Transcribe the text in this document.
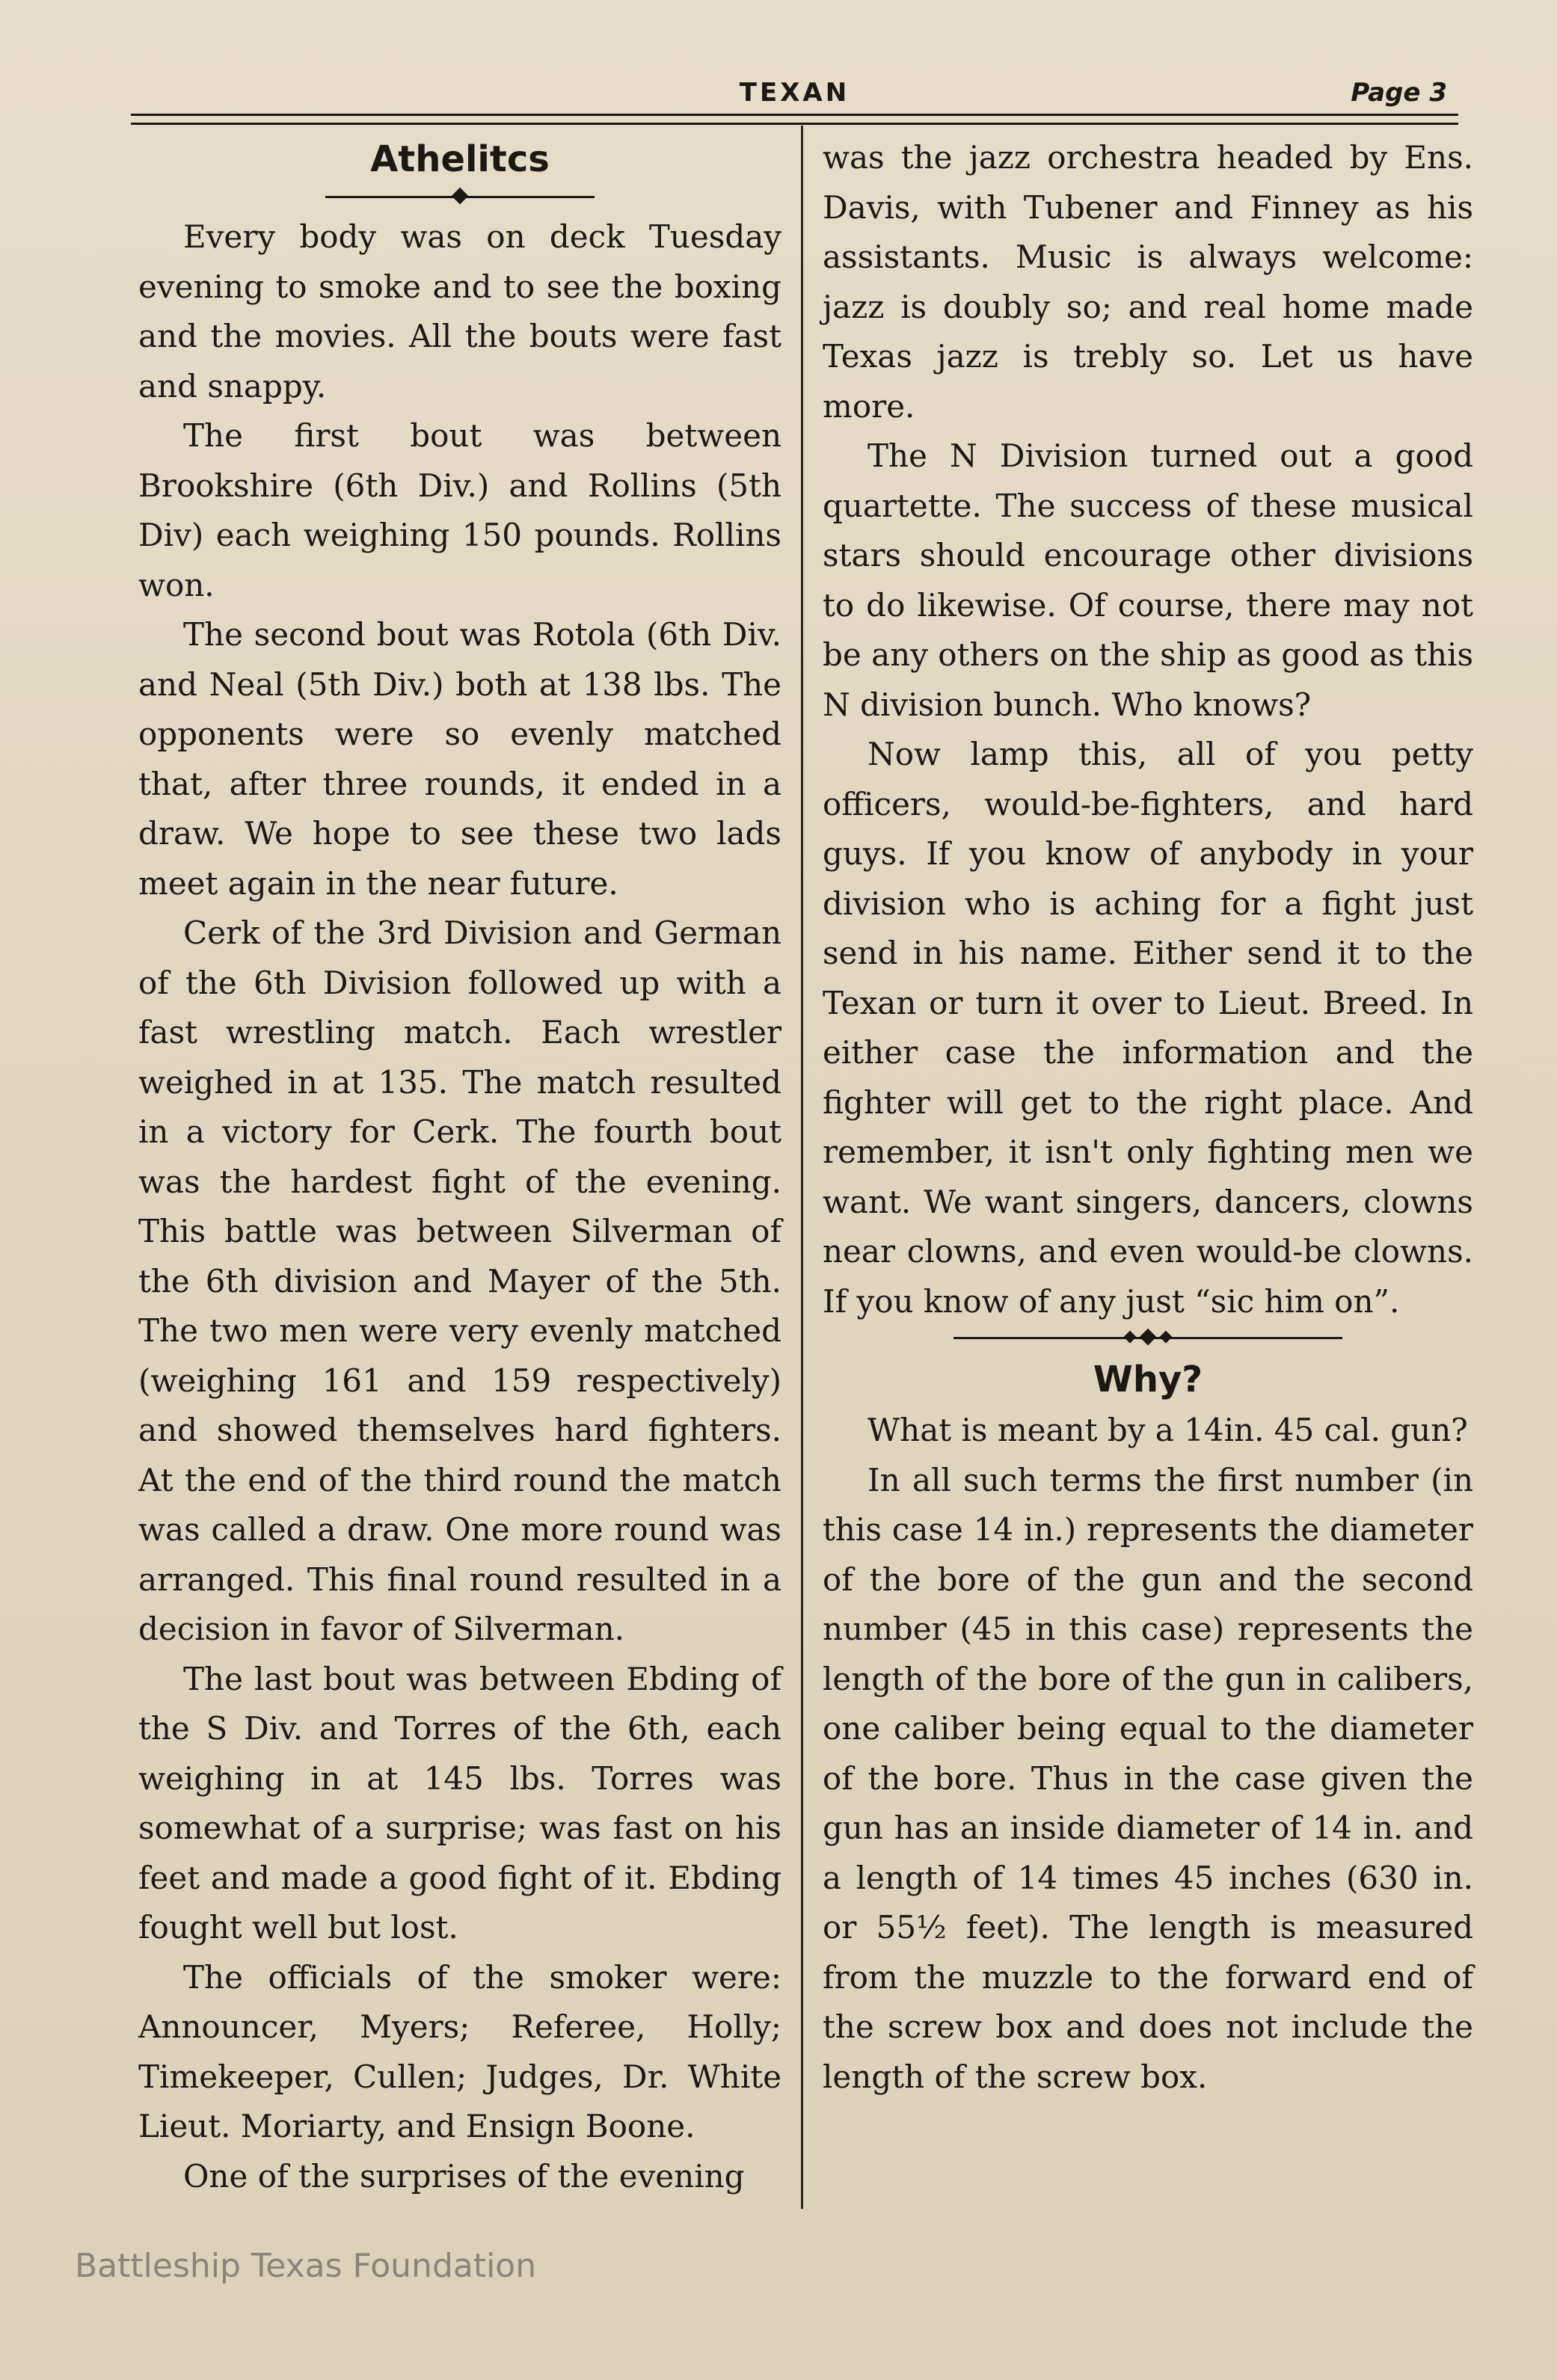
TEXAN	Page 3
Athelitcs

Every body was on deck Tuesday evening to smoke and to see the boxing and the movies. All the bouts were fast and snappy.

The first bout was between Brookshire (6th Div.) and Rollins (5th Div) each weighing 150 pounds. Rollins won.

The second bout was Rotola (6th Div. and Neal (5th Div.) both at 138 lbs. The opponents were so evenly matched that, after three rounds, it ended in a draw. We hope to see these two lads meet again in the near future.

Cerk of the 3rd Division and German of the 6th Division followed up with a fast wrestling match. Each wrestler weighed in at 135. The match resulted in a victory for Cerk. The fourth bout was the hardest fight of the evening. This battle was between Silverman of the 6th division and Mayer of the 5th. The two men were very evenly matched (weighing 161 and 159 respectively) and showed themselves hard fighters. At the end of the third round the match was called a draw. One more round was arranged. This final round resulted in a decision in favor of Silverman.

The last bout was between Ebding of the S Div. and Torres of the 6th, each weighing in at 145 lbs. Torres was somewhat of a surprise; was fast on his feet and made a good fight of it. Ebding fought well but lost.

The officials of the smoker were: Announcer, Myers; Referee, Holly; Timekeeper, Cullen; Judges, Dr. White Lieut. Moriarty, and Ensign Boone.

One of the surprises of the evening

was the jazz orchestra headed by Ens. Davis, with Tubener and Finney as his assistants. Music is always welcome: jazz is doubly so; and real home made Texas jazz is trebly so. Let us have more.

The N Division turned out a good quartette. The success of these musical stars should encourage other divisions to do likewise. Of course, there may not be any others on the ship as good as this N division bunch. Who knows?

Now lamp this, all of you petty officers, would-be-fighters, and hard guys. If you know of anybody in your division who is aching for a fight just send in his name. Either send it to the Texan or turn it over to Lieut. Breed. In either case the information and the fighter will get to the right place. And remember, it isn't only fighting men we want. We want singers, dancers, clowns near clowns, and even would-be clowns. If you know of any just “sic him on”.

Why?

What is meant by a 14in. 45 cal. gun?

In all such terms the first number (in this case 14 in.) represents the diameter of the bore of the gun and the second number (45 in this case) represents the length of the bore of the gun in calibers, one caliber being equal to the diameter of the bore. Thus in the case given the gun has an inside diameter of 14 in. and a length of 14 times 45 inches (630 in. or 55½ feet). The length is measured from the muzzle to the forward end of the screw box and does not include the length of the screw box.

Battleship Texas Foundation
